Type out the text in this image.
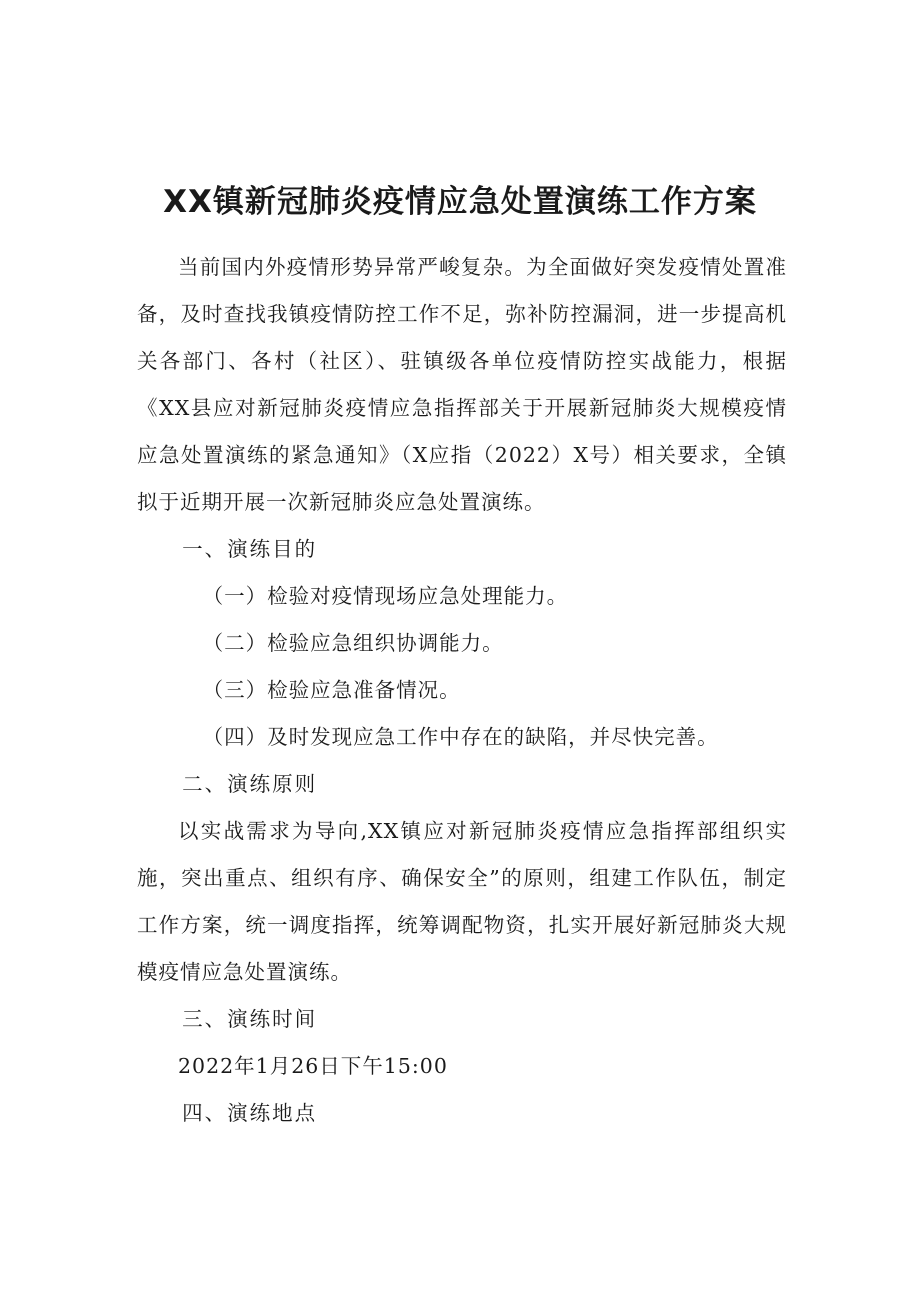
XX镇新冠肺炎疫情应急处置演练工作方案

当前国内外疫情形势异常严峻复杂。为全面做好突发疫情处置准备，及时查找我镇疫情防控工作不足，弥补防控漏洞，进一步提高机关各部门、各村（社区）、驻镇级各单位疫情防控实战能力，根据《XX县应对新冠肺炎疫情应急指挥部关于开展新冠肺炎大规模疫情应急处置演练的紧急通知》（X应指（2022）X号）相关要求，全镇拟于近期开展一次新冠肺炎应急处置演练。

一、演练目的

（一）检验对疫情现场应急处理能力。

（二）检验应急组织协调能力。

（三）检验应急准备情况。

（四）及时发现应急工作中存在的缺陷，并尽快完善。

二、演练原则

以实战需求为导向,XX镇应对新冠肺炎疫情应急指挥部组织实施，突出重点、组织有序、确保安全”的原则，组建工作队伍，制定工作方案，统一调度指挥，统筹调配物资，扎实开展好新冠肺炎大规模疫情应急处置演练。

三、演练时间

2022年1月26日下午15:00

四、演练地点
